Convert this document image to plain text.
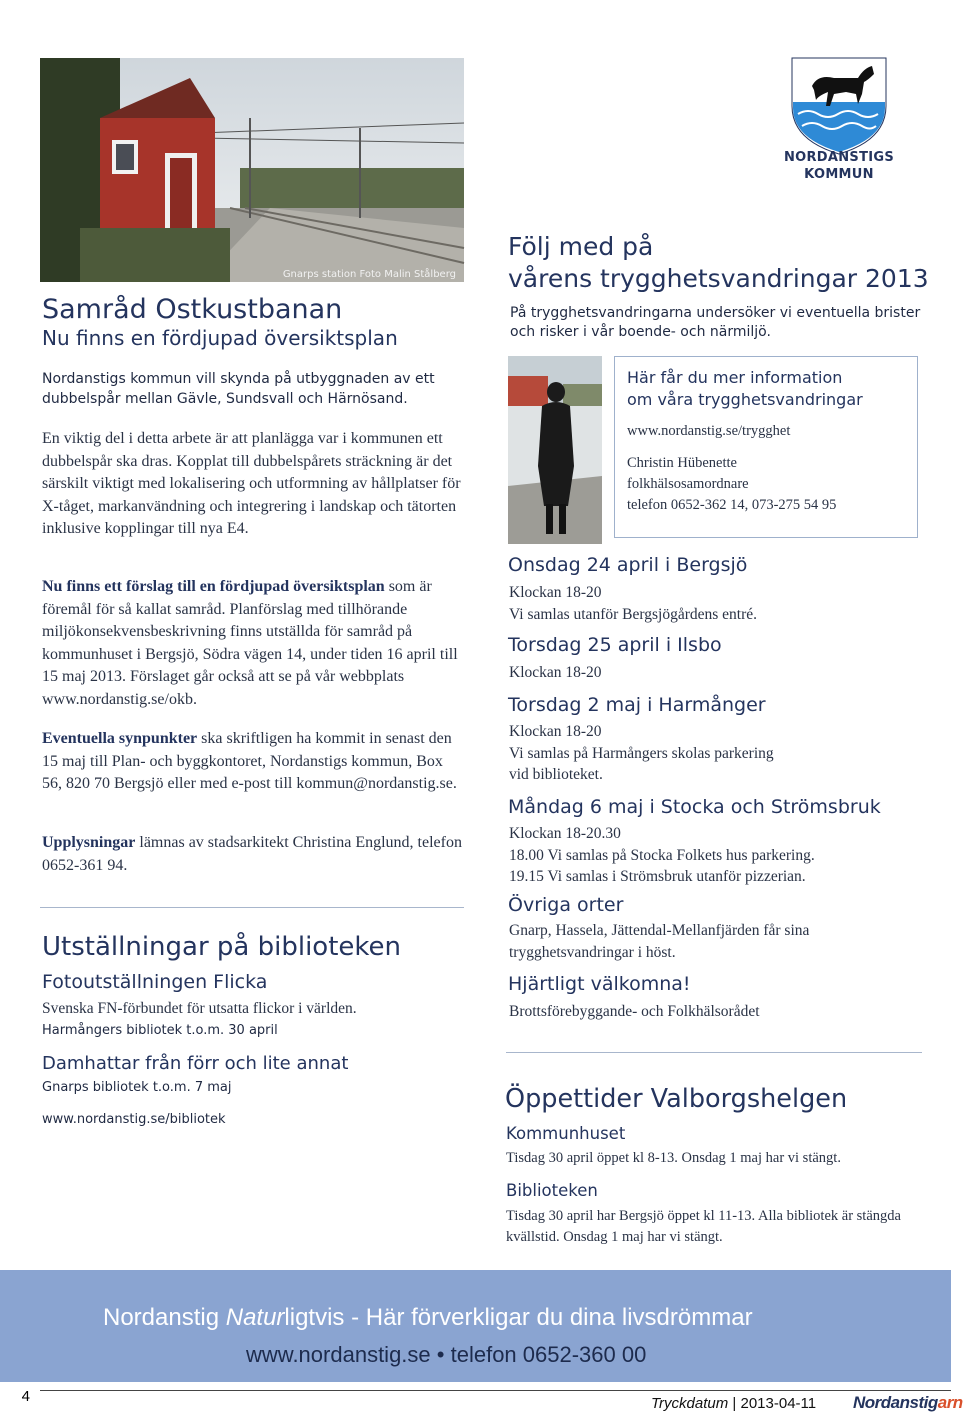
Gnarps station Foto Malin Stålberg
NORDANSTIGS
KOMMUN
Samråd Ostkustbanan
Nu finns en fördjupad översiktsplan
Nordanstigs kommun vill skynda på utbyggnaden av ett dubbelspår mellan Gävle, Sundsvall och Härnösand.
En viktig del i detta arbete är att planlägga var i kommunen ett dubbelspår ska dras. Kopplat till dubbelspårets sträckning är det särskilt viktigt med lokalisering och utformning av hållplatser för X-tåget, markanvändning och integrering i landskap och tätorten inklusive kopplingar till nya E4.
Nu finns ett förslag till en fördjupad översiktsplan som är föremål för så kallat samråd. Planförslag med tillhörande miljökonsekvensbeskrivning finns utställda för samråd på kommunhuset i Bergsjö, Södra vägen 14, under tiden 16 april till 15 maj 2013. Förslaget går också att se på vår webbplats www.nordanstig.se/okb.
Eventuella synpunkter ska skriftligen ha kommit in senast den 15 maj till Plan- och byggkontoret, Nordanstigs kommun, Box 56, 820 70 Bergsjö eller med e-post till kommun@nordanstig.se.
Upplysningar lämnas av stadsarkitekt Christina Englund, telefon 0652-361 94.
Utställningar på biblioteken
Fotoutställningen Flicka
Svenska FN-förbundet för utsatta flickor i världen.
Harmångers bibliotek t.o.m. 30 april
Damhattar från förr och lite annat
Gnarps bibliotek t.o.m. 7 maj
www.nordanstig.se/bibliotek
Följ med på
vårens trygghetsvandringar 2013
På trygghetsvandringarna undersöker vi eventuella brister och risker i vår boende- och närmiljö.
Här får du mer information
om våra trygghetsvandringar
www.nordanstig.se/trygghet
Christin Hübenette
folkhälsosamordnare
telefon 0652-362 14, 073-275 54 95
Onsdag 24 april i Bergsjö
Klockan 18-20
Vi samlas utanför Bergsjögårdens entré.
Torsdag 25 april i Ilsbo
Klockan 18-20
Torsdag 2 maj i Harmånger
Klockan 18-20
Vi samlas på Harmångers skolas parkering
vid biblioteket.
Måndag 6 maj i Stocka och Strömsbruk
Klockan 18-20.30
18.00 Vi samlas på Stocka Folkets hus parkering.
19.15 Vi samlas i Strömsbruk utanför pizzerian.
Övriga orter
Gnarp, Hassela, Jättendal-Mellanfjärden får sina
trygghetsvandringar i höst.
Hjärtligt välkomna!
Brottsförebyggande- och Folkhälsorådet
Öppettider Valborgshelgen
Kommunhuset
Tisdag 30 april öppet kl 8-13. Onsdag 1 maj har vi stängt.
Biblioteken
Tisdag 30 april har Bergsjö öppet kl 11-13. Alla bibliotek är stängda kvällstid. Onsdag 1 maj har vi stängt.
Nordanstig Naturligtvis - Här förverkligar du dina livsdrömmar
www.nordanstig.se • telefon 0652-360 00
4	Tryckdatum | 2013-04-11 Nordanstigarn
